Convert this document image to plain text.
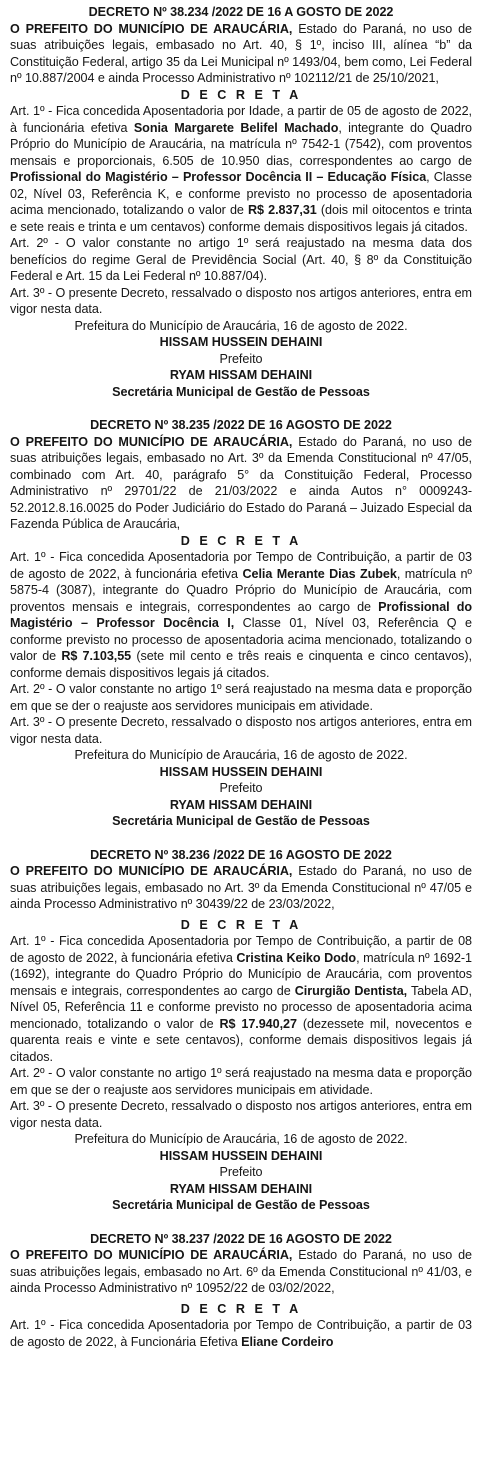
DECRETO Nº 38.234 /2022 DE 16 A GOSTO DE 2022
O PREFEITO DO MUNICÍPIO DE ARAUCÁRIA, Estado do Paraná, no uso de suas atribuições legais, embasado no Art. 40, § 1º, inciso III, alínea “b” da Constituição Federal, artigo 35 da Lei Municipal nº 1493/04, bem como, Lei Federal nº 10.887/2004 e ainda Processo Administrativo nº 102112/21 de 25/10/2021,
D E C R E T A
Art. 1º - Fica concedida Aposentadoria por Idade, a partir de 05 de agosto de 2022, à funcionária efetiva Sonia Margarete Belifel Machado, integrante do Quadro Próprio do Município de Araucária, na matrícula nº 7542-1 (7542), com proventos mensais e proporcionais, 6.505 de 10.950 dias, correspondentes ao cargo de Profissional do Magistério – Professor Docência II – Educação Física, Classe 02, Nível 03, Referência K, e conforme previsto no processo de aposentadoria acima mencionado, totalizando o valor de R$ 2.837,31 (dois mil oitocentos e trinta e sete reais e trinta e um centavos) conforme demais dispositivos legais já citados.
Art. 2º - O valor constante no artigo 1º será reajustado na mesma data dos benefícios do regime Geral de Previdência Social (Art. 40, § 8º da Constituição Federal e Art. 15 da Lei Federal nº 10.887/04).
Art. 3º - O presente Decreto, ressalvado o disposto nos artigos anteriores, entra em vigor nesta data.
Prefeitura do Município de Araucária, 16 de agosto de 2022.
HISSAM HUSSEIN DEHAINI
Prefeito
RYAM HISSAM DEHAINI
Secretária Municipal de Gestão de Pessoas
DECRETO Nº 38.235 /2022 DE 16 AGOSTO DE 2022
O PREFEITO DO MUNICÍPIO DE ARAUCÁRIA, Estado do Paraná, no uso de suas atribuições legais, embasado no Art. 3º da Emenda Constitucional nº 47/05, combinado com Art. 40, parágrafo 5° da Constituição Federal, Processo Administrativo nº 29701/22 de 21/03/2022 e ainda Autos n° 0009243-52.2012.8.16.0025 do Poder Judiciário do Estado do Paraná – Juizado Especial da Fazenda Pública de Araucária,
D E C R E T A
Art. 1º - Fica concedida Aposentadoria por Tempo de Contribuição, a partir de 03 de agosto de 2022, à funcionária efetiva Celia Merante Dias Zubek, matrícula nº 5875-4 (3087), integrante do Quadro Próprio do Município de Araucária, com proventos mensais e integrais, correspondentes ao cargo de Profissional do Magistério – Professor Docência I, Classe 01, Nível 03, Referência Q e conforme previsto no processo de aposentadoria acima mencionado, totalizando o valor de R$ 7.103,55 (sete mil cento e três reais e cinquenta e cinco centavos), conforme demais dispositivos legais já citados.
Art. 2º - O valor constante no artigo 1º será reajustado na mesma data e proporção em que se der o reajuste aos servidores municipais em atividade.
Art. 3º - O presente Decreto, ressalvado o disposto nos artigos anteriores, entra em vigor nesta data.
Prefeitura do Município de Araucária, 16 de agosto de 2022.
HISSAM HUSSEIN DEHAINI
Prefeito
RYAM HISSAM DEHAINI
Secretária Municipal de Gestão de Pessoas
DECRETO Nº 38.236 /2022 DE 16 AGOSTO DE 2022
O PREFEITO DO MUNICÍPIO DE ARAUCÁRIA, Estado do Paraná, no uso de suas atribuições legais, embasado no Art. 3º da Emenda Constitucional nº 47/05 e ainda Processo Administrativo nº 30439/22 de 23/03/2022,
D E C R E T A
Art. 1º - Fica concedida Aposentadoria por Tempo de Contribuição, a partir de 08 de agosto de 2022, à funcionária efetiva Cristina Keiko Dodo, matrícula nº 1692-1 (1692), integrante do Quadro Próprio do Município de Araucária, com proventos mensais e integrais, correspondentes ao cargo de Cirurgião Dentista, Tabela AD, Nível 05, Referência 11 e conforme previsto no processo de aposentadoria acima mencionado, totalizando o valor de R$ 17.940,27 (dezessete mil, novecentos e quarenta reais e vinte e sete centavos), conforme demais dispositivos legais já citados.
Art. 2º - O valor constante no artigo 1º será reajustado na mesma data e proporção em que se der o reajuste aos servidores municipais em atividade.
Art. 3º - O presente Decreto, ressalvado o disposto nos artigos anteriores, entra em vigor nesta data.
Prefeitura do Município de Araucária, 16 de agosto de 2022.
HISSAM HUSSEIN DEHAINI
Prefeito
RYAM HISSAM DEHAINI
Secretária Municipal de Gestão de Pessoas
DECRETO Nº 38.237 /2022 DE 16 AGOSTO DE 2022
O PREFEITO DO MUNICÍPIO DE ARAUCÁRIA, Estado do Paraná, no uso de suas atribuições legais, embasado no Art. 6º da Emenda Constitucional nº 41/03, e ainda Processo Administrativo nº 10952/22 de 03/02/2022,
D E C R E T A
Art. 1º - Fica concedida Aposentadoria por Tempo de Contribuição, a partir de 03 de agosto de 2022, à Funcionária Efetiva Eliane Cordeiro
